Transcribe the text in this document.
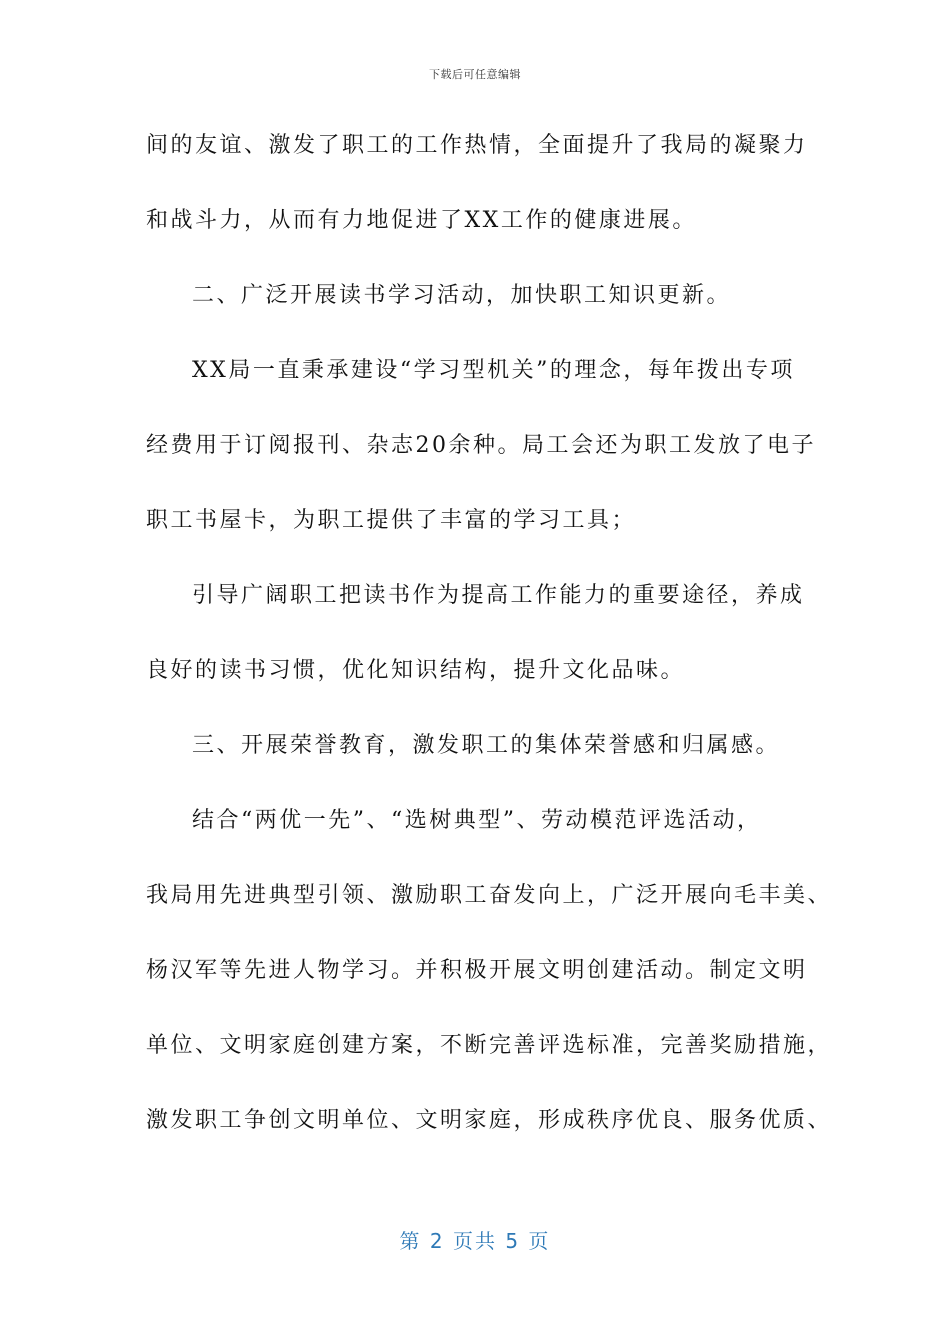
下载后可任意编辑
间的友谊、激发了职工的工作热情，全面提升了我局的凝聚力
和战斗力，从而有力地促进了XX工作的健康进展。
二、广泛开展读书学习活动，加快职工知识更新。
XX局一直秉承建设“学习型机关”的理念，每年拨出专项
经费用于订阅报刊、杂志20余种。局工会还为职工发放了电子
职工书屋卡，为职工提供了丰富的学习工具；
引导广阔职工把读书作为提高工作能力的重要途径，养成
良好的读书习惯，优化知识结构，提升文化品味。
三、开展荣誉教育，激发职工的集体荣誉感和归属感。
结合“两优一先”、“选树典型”、劳动模范评选活动，
我局用先进典型引领、激励职工奋发向上，广泛开展向毛丰美、
杨汉军等先进人物学习。并积极开展文明创建活动。制定文明
单位、文明家庭创建方案，不断完善评选标准，完善奖励措施，
激发职工争创文明单位、文明家庭，形成秩序优良、服务优质、
第 2 页共 5 页
